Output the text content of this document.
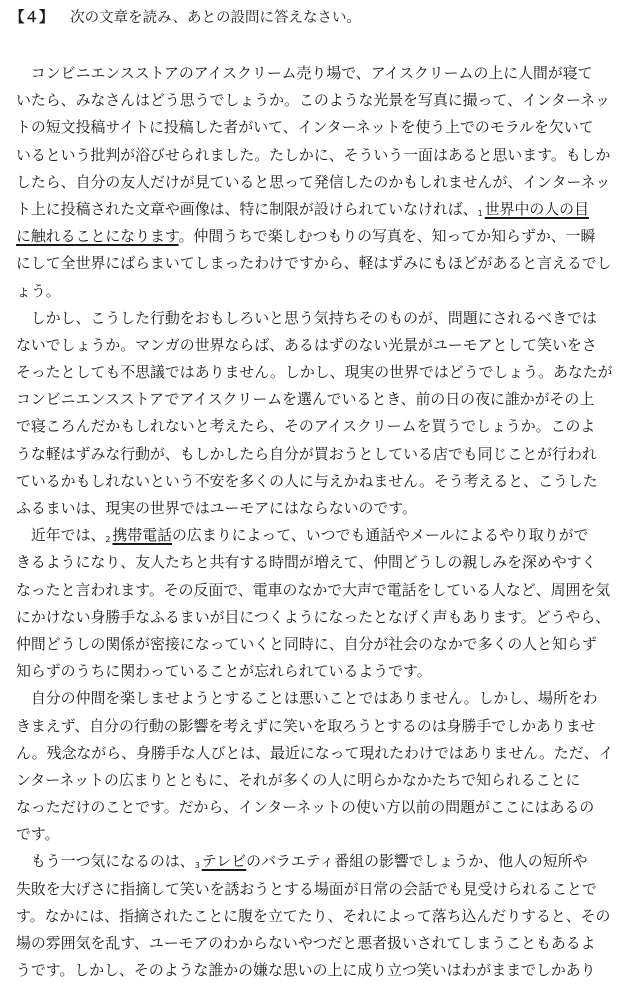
【４】 次の文章を読み、あとの設問に答えなさい。
　コンビニエンスストアのアイスクリーム売り場で、アイスクリームの上に人間が寝て
いたら、みなさんはどう思うでしょうか。このような光景を写真に撮って、インターネッ
トの短文投稿サイトに投稿した者がいて、インターネットを使う上でのモラルを欠いて
いるという批判が浴びせられました。たしかに、そういう一面はあると思います。もしか
したら、自分の友人だけが見ていると思って発信したのかもしれませんが、インターネッ
ト上に投稿された文章や画像は、特に制限が設けられていなければ、1 世界中の人の目
に触れることになります。仲間うちで楽しむつもりの写真を、知ってか知らずか、一瞬
にして全世界にばらまいてしまったわけですから、軽はずみにもほどがあると言えるでし
ょう。
　しかし、こうした行動をおもしろいと思う気持ちそのものが、問題にされるべきでは
ないでしょうか。マンガの世界ならば、あるはずのない光景がユーモアとして笑いをさ
そったとしても不思議ではありません。しかし、現実の世界ではどうでしょう。あなたが
コンビニエンスストアでアイスクリームを選んでいるとき、前の日の夜に誰かがその上
で寝ころんだかもしれないと考えたら、そのアイスクリームを買うでしょうか。このよ
うな軽はずみな行動が、もしかしたら自分が買おうとしている店でも同じことが行われ
ているかもしれないという不安を多くの人に与えかねません。そう考えると、こうした
ふるまいは、現実の世界ではユーモアにはならないのです。
　近年では、2 携帯電話の広まりによって、いつでも通話やメールによるやり取りがで
きるようになり、友人たちと共有する時間が増えて、仲間どうしの親しみを深めやすく
なったと言われます。その反面で、電車のなかで大声で電話をしている人など、周囲を気
にかけない身勝手なふるまいが目につくようになったとなげく声もあります。どうやら、
仲間どうしの関係が密接になっていくと同時に、自分が社会のなかで多くの人と知らず
知らずのうちに関わっていることが忘れられているようです。
　自分の仲間を楽しませようとすることは悪いことではありません。しかし、場所をわ
きまえず、自分の行動の影響を考えずに笑いを取ろうとするのは身勝手でしかありませ
ん。残念ながら、身勝手な人びとは、最近になって現れたわけではありません。ただ、イ
ンターネットの広まりとともに、それが多くの人に明らかなかたちで知られることに
なっただけのことです。だから、インターネットの使い方以前の問題がここにはあるの
です。
　もう一つ気になるのは、3 テレビのバラエティ番組の影響でしょうか、他人の短所や
失敗を大げさに指摘して笑いを誘おうとする場面が日常の会話でも見受けられることで
す。なかには、指摘されたことに腹を立てたり、それによって落ち込んだりすると、その
場の雰囲気を乱す、ユーモアのわからないやつだと悪者扱いされてしまうこともあるよ
うです。しかし、そのような誰かの嫌な思いの上に成り立つ笑いはわがままでしかあり
